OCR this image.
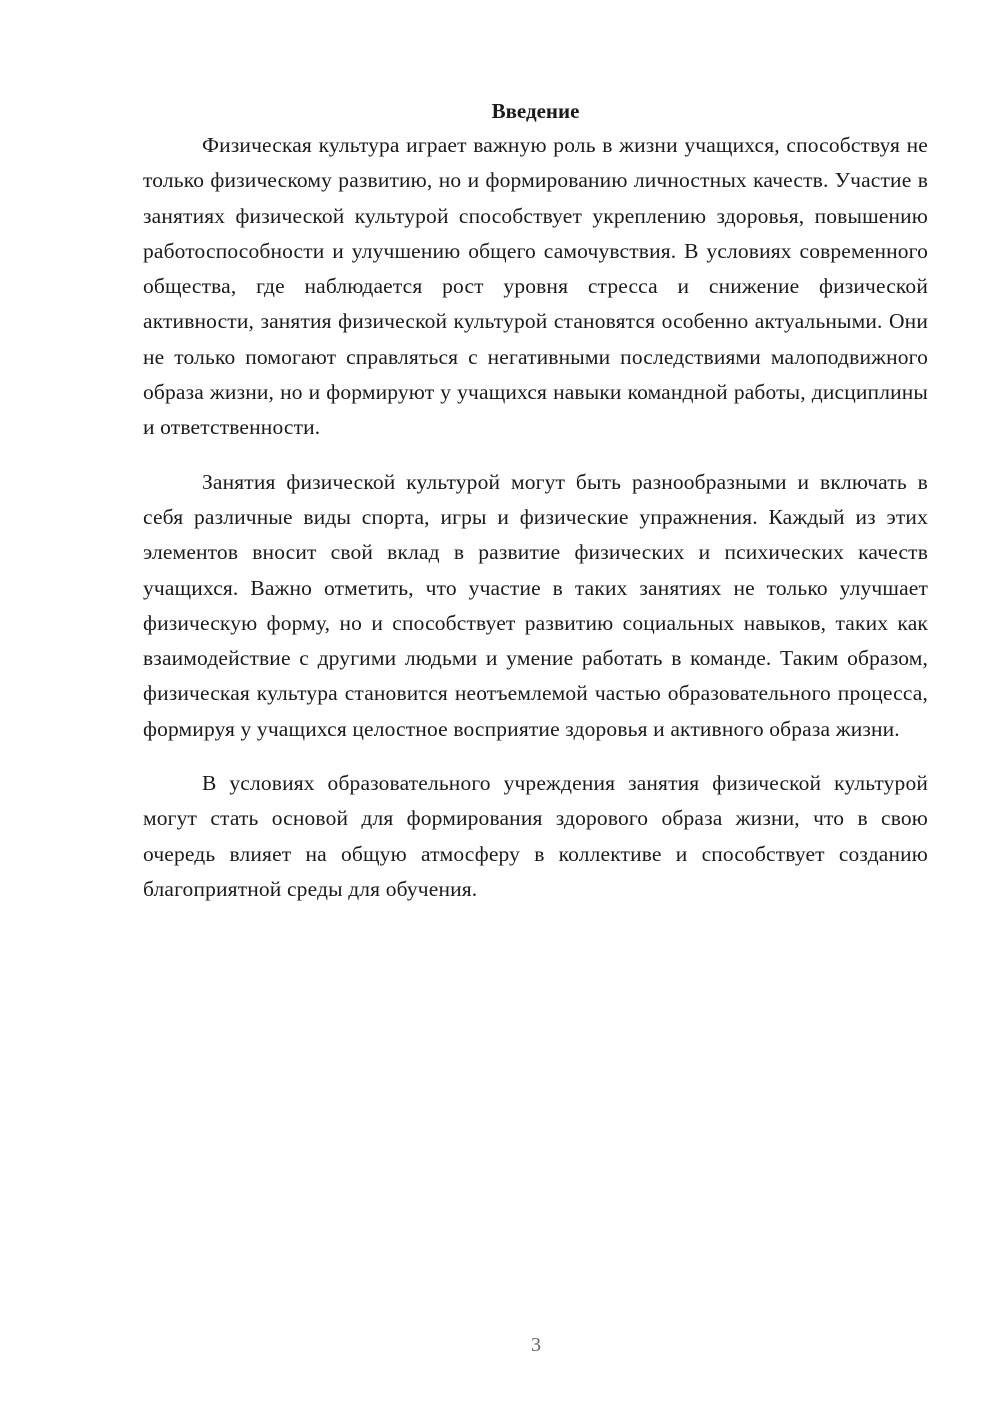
Введение

Физическая культура играет важную роль в жизни учащихся, способствуя не только физическому развитию, но и формированию личностных качеств. Участие в занятиях физической культурой способствует укреплению здоровья, повышению работоспособности и улучшению общего самочувствия. В условиях современного общества, где наблюдается рост уровня стресса и снижение физической активности, занятия физической культурой становятся особенно актуальными. Они не только помогают справляться с негативными последствиями малоподвижного образа жизни, но и формируют у учащихся навыки командной работы, дисциплины и ответственности.

Занятия физической культурой могут быть разнообразными и включать в себя различные виды спорта, игры и физические упражнения. Каждый из этих элементов вносит свой вклад в развитие физических и психических качеств учащихся. Важно отметить, что участие в таких занятиях не только улучшает физическую форму, но и способствует развитию социальных навыков, таких как взаимодействие с другими людьми и умение работать в команде. Таким образом, физическая культура становится неотъемлемой частью образовательного процесса, формируя у учащихся целостное восприятие здоровья и активного образа жизни.

В условиях образовательного учреждения занятия физической культурой могут стать основой для формирования здорового образа жизни, что в свою очередь влияет на общую атмосферу в коллективе и способствует созданию благоприятной среды для обучения.

3
